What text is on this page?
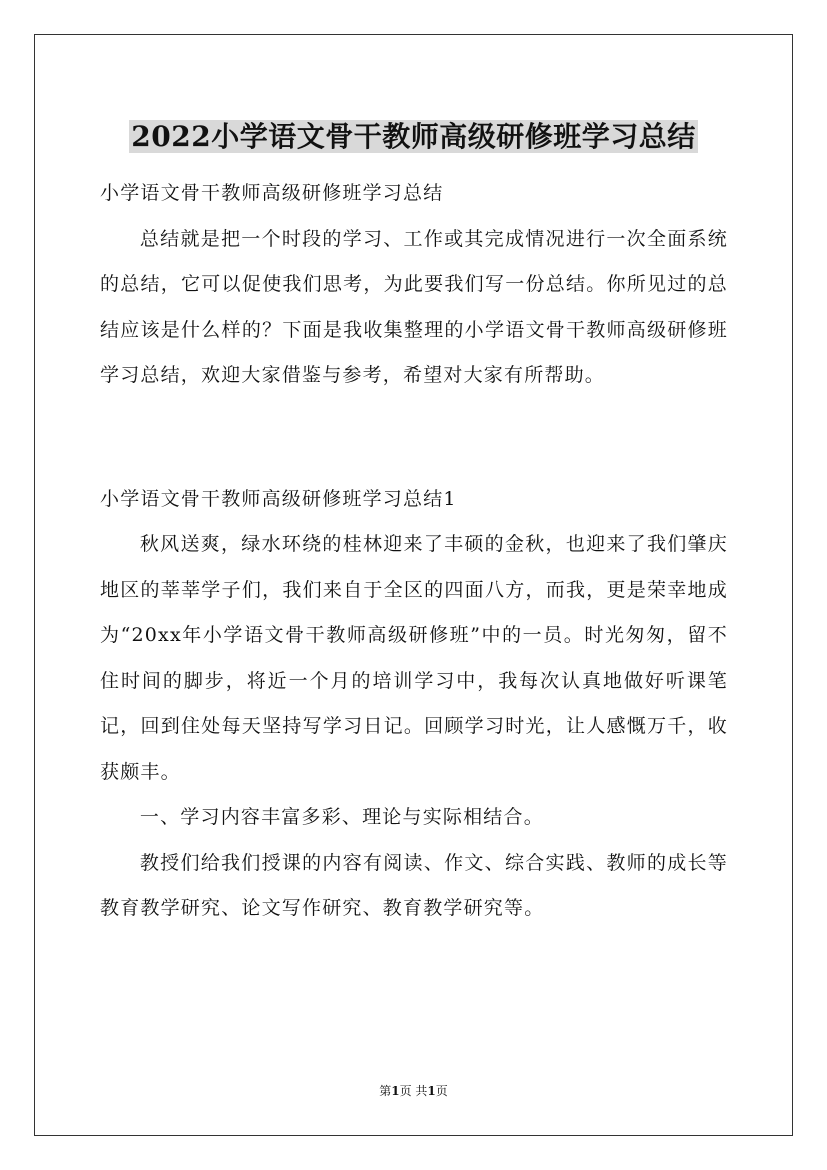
2022小学语文骨干教师高级研修班学习总结

小学语文骨干教师高级研修班学习总结

总结就是把一个时段的学习、工作或其完成情况进行一次全面系统的总结，它可以促使我们思考，为此要我们写一份总结。你所见过的总结应该是什么样的？下面是我收集整理的小学语文骨干教师高级研修班学习总结，欢迎大家借鉴与参考，希望对大家有所帮助。

小学语文骨干教师高级研修班学习总结1

秋风送爽，绿水环绕的桂林迎来了丰硕的金秋，也迎来了我们肇庆地区的莘莘学子们，我们来自于全区的四面八方，而我，更是荣幸地成为“20xx年小学语文骨干教师高级研修班”中的一员。时光匆匆，留不住时间的脚步，将近一个月的培训学习中，我每次认真地做好听课笔记，回到住处每天坚持写学习日记。回顾学习时光，让人感慨万千，收获颇丰。

一、学习内容丰富多彩、理论与实际相结合。

教授们给我们授课的内容有阅读、作文、综合实践、教师的成长等教育教学研究、论文写作研究、教育教学研究等。

第1页 共1页
